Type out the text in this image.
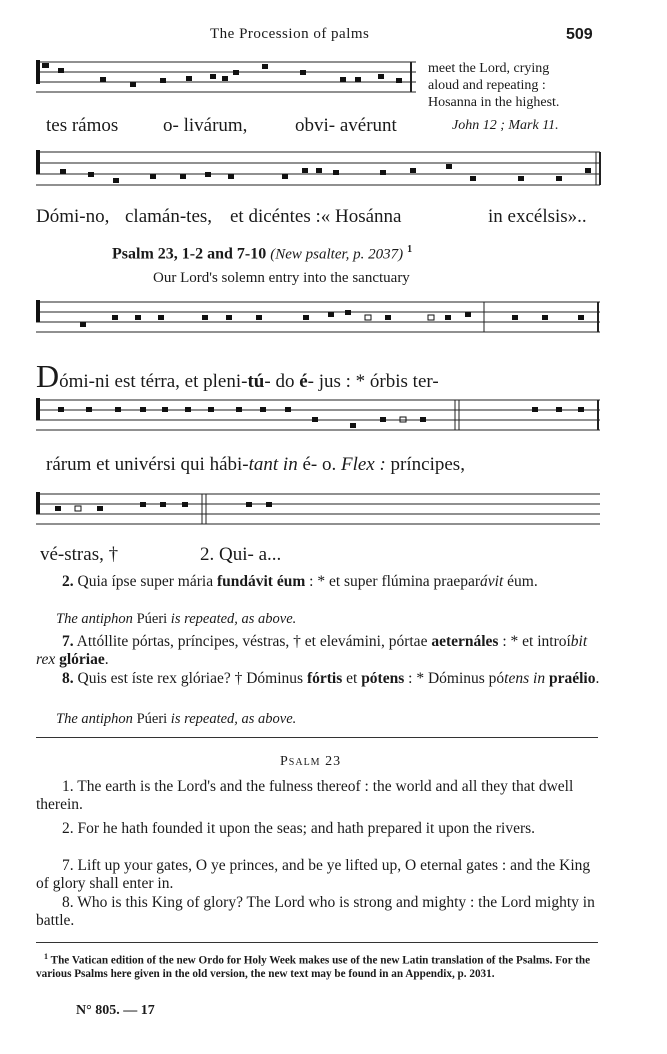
The Procession of palms	509
meet the Lord, crying
aloud and repeating :
Hosanna in the highest.
tes rámos o- livárum,	obvi- avérunt	John 12 ; Mark 11.
Dómi-no, clamán-tes, et dicéntes :« Hosánna	in excélsis»..
Psalm 23, 1-2 and 7-10 (New psalter, p. 2037) $^1$
Our Lord's solemn entry into the sanctuary
Dómi-ni est térra, et pleni-tú- do é- jus : * órbis ter-
rárum et univérsi qui hábi-tant in é- o. Flex : príncipes,
vé-stras, †	2. Qui- a...
2. Quia ípse super mária fundávit éum : * et super flúmina praeparávit éum.
The antiphon Púeri is repeated, as above.
7. Attóllite pórtas, príncipes, véstras, † et elevámini, pórtae aeternáles : * et introíbit rex glóriae.
8. Quis est íste rex glóriae? † Dóminus fórtis et pótens : * Dóminus pótens in praélio.
The antiphon Púeri is repeated, as above.
Psalm 23
1. The earth is the Lord's and the fulness thereof : the world and all they that dwell therein.
2. For he hath founded it upon the seas; and hath prepared it upon the rivers.
7. Lift up your gates, O ye princes, and be ye lifted up, O eternal gates : and the King of glory shall enter in.
8. Who is this King of glory? The Lord who is strong and mighty : the Lord mighty in battle.
$^1$ The Vatican edition of the new Ordo for Holy Week makes use of the new Latin translation of the Psalms. For the various Psalms here given in the old version, the new text may be found in an Appendix, p. 2031.
N° 805. — 17
